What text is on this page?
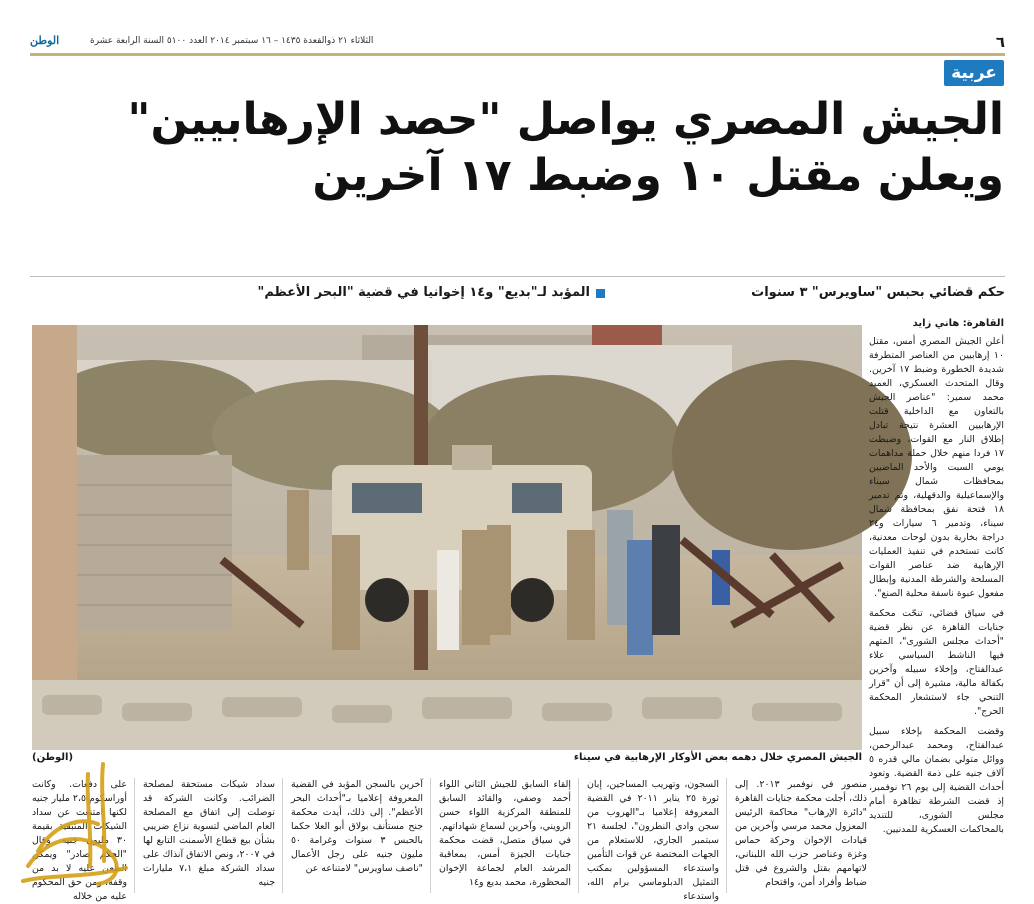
٦
الثلاثاء ٢١ ذوالقعدة ١٤٣٥ – ١٦ سبتمبر ٢٠١٤ العدد ٥١٠٠ السنة الرابعة عشرة
الوطن
عربية
الجيش المصري يواصل "حصد الإرهابيين"
ويعلن مقتل ١٠ وضبط ١٧ آخرين
حكم قضائي بحبس "ساويرس" ٣ سنوات
المؤبد لـ"بديع" و١٤ إخوانيا في قضية "البحر الأعظم"
الجيش المصري خلال دهمه بعض الأوكار الإرهابية في سيناء
(الوطن)
القاهرة: هاني زايد

أعلن الجيش المصري أمس، مقتل ١٠ إرهابيين من العناصر المتطرفة شديدة الخطورة وضبط ١٧ آخرين. وقال المتحدث العسكري، العميد محمد سمير: "عناصر الجيش بالتعاون مع الداخلية قتلت الإرهابيين العشرة نتيجة تبادل إطلاق النار مع القوات، وضبطت ١٧ فردا منهم خلال حملة مداهمات يومي السبت والأحد الماضيين بمحافظات شمال سيناء والإسماعيلية والدقهلية، وتم تدمير ١٨ فتحة نفق بمحافظة شمال سيناء، وتدمير ٦ سيارات و٢٤ دراجة بخارية بدون لوحات معدنية، كانت تستخدم في تنفيذ العمليات الإرهابية ضد عناصر القوات المسلحة والشرطة المدنية وإبطال مفعول عبوة ناسفة محلية الصنع".

في سياق قضائي، تنحّت محكمة جنايات القاهرة عن نظر قضية "أحداث مجلس الشورى"، المتهم فيها الناشط السياسي علاء عبدالفتاح، وإخلاء سبيله وآخرين بكفالة مالية، مشيرة إلى أن "قرار التنحي جاء لاستشعار المحكمة الحرج".

وقضت المحكمة بإخلاء سبيل عبدالفتاح، ومحمد عبدالرحمن، ووائل متولي بضمان مالي قدره ٥ آلاف جنيه على ذمة القضية. وتعود أحداث القضية إلى يوم ٢٦ نوفمبر، إذ قضت الشرطة تظاهرة أمام مجلس الشورى، للتنديد بالمحاكمات العسكرية للمدنيين.

منصور في نوفمبر ٢٠١٣. إلى ذلك، أجلت محكمة جنايات القاهرة "دائرة الإرهاب" محاكمة الرئيس المعزول محمد مرسي وآخرين من قيادات الإخوان وحركة حماس وغزة وعناصر حزب الله اللبناني، لاتهامهم بقتل والشروع في قتل ضباط وأفراد أمن، واقتحام

السجون، وتهريب المساجين، إبان ثورة ٢٥ يناير ٢٠١١ في القضية المعروفة إعلاميا بـ"الهروب من سجن وادي النطرون"، لجلسة ٢١ سبتمبر الجاري، للاستعلام من الجهات المختصة عن قوات التأمين واستدعاء المسؤولين بمكتب التمثيل الدبلوماسي برام الله، واستدعاء

إلقاء السابق للجيش الثاني اللواء أحمد وصفي، والقائد السابق للمنطقة المركزية اللواء حسن الرويني، وآخرين لسماع شهاداتهم. في سياق متصل، قضت محكمة جنايات الجيزة أمس، بمعاقبة المرشد العام لجماعة الإخوان المحظورة، محمد بديع و١٤

آخرين بالسجن المؤبد في القضية المعروفة إعلاميا بـ"أحداث البحر الأعظم". إلى ذلك، أيدت محكمة جنح مستأنف بولاق أبو العلا حكما بالحبس ٣ سنوات وغرامة ٥٠ مليون جنيه على رجل الأعمال "ناصف ساويرس" لامتناعه عن

سداد شيكات مستحقة لمصلحة الضرائب. وكانت الشركة قد توصلت إلى اتفاق مع المصلحة العام الماضي لتسوية نزاع ضريبي بشأن بيع قطاع الأسمنت التابع لها في ٢٠٠٧، ونص الاتفاق آنذاك على سداد الشركة مبلغ ٧،١ مليارات جنيه

على دفعات. وكانت أوراسكوم ٢،٥ مليار جنيه لكنها امتنعت عن سداد الشيكات المتبقية بقيمة ٣٠ مليون جنيه. وقال "الحكم صادر" ويمكن الطعن عليه لا بد من وقفه، ومن حق المحكوم عليه من خلاله
